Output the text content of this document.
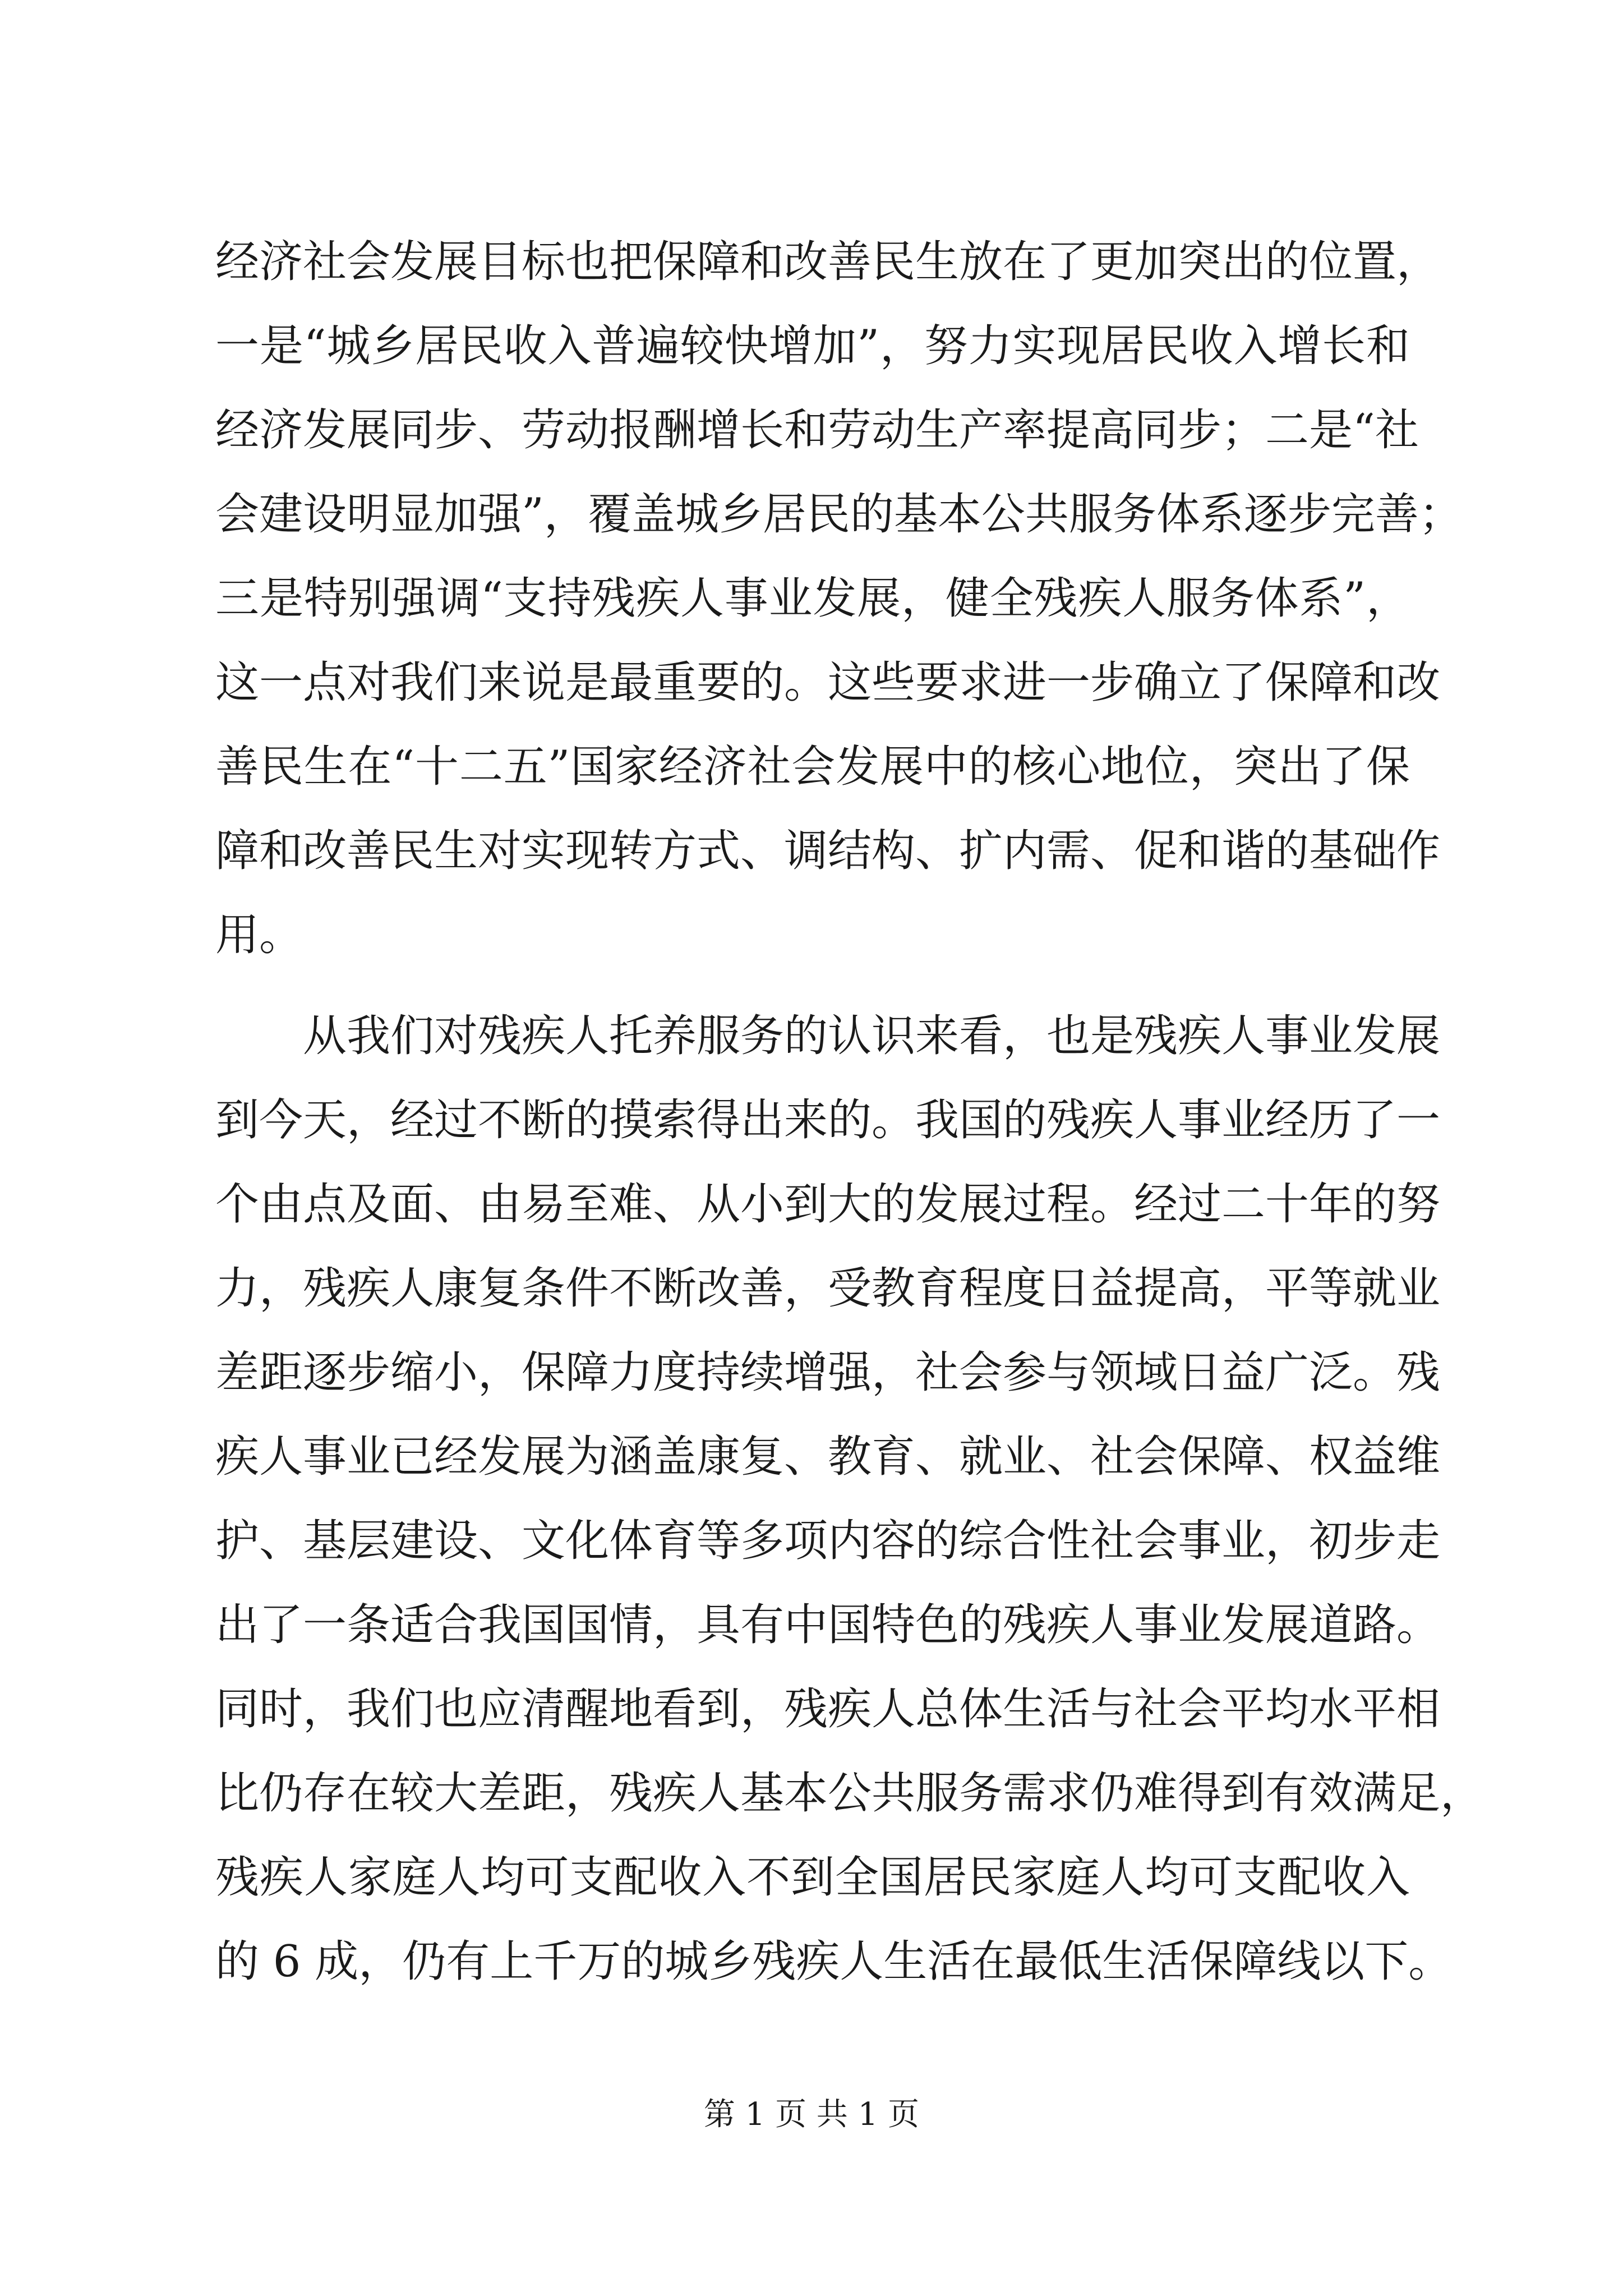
经济社会发展目标也把保障和改善民生放在了更加突出的位置，
一是“城乡居民收入普遍较快增加”，努力实现居民收入增长和
经济发展同步、劳动报酬增长和劳动生产率提高同步；二是“社
会建设明显加强”，覆盖城乡居民的基本公共服务体系逐步完善；
三是特别强调“支持残疾人事业发展，健全残疾人服务体系”，
这一点对我们来说是最重要的。这些要求进一步确立了保障和改
善民生在“十二五”国家经济社会发展中的核心地位，突出了保
障和改善民生对实现转方式、调结构、扩内需、促和谐的基础作
用。
从我们对残疾人托养服务的认识来看，也是残疾人事业发展
到今天，经过不断的摸索得出来的。我国的残疾人事业经历了一
个由点及面、由易至难、从小到大的发展过程。经过二十年的努
力，残疾人康复条件不断改善，受教育程度日益提高，平等就业
差距逐步缩小，保障力度持续增强，社会参与领域日益广泛。残
疾人事业已经发展为涵盖康复、教育、就业、社会保障、权益维
护、基层建设、文化体育等多项内容的综合性社会事业，初步走
出了一条适合我国国情，具有中国特色的残疾人事业发展道路。
同时，我们也应清醒地看到，残疾人总体生活与社会平均水平相
比仍存在较大差距，残疾人基本公共服务需求仍难得到有效满足，
残疾人家庭人均可支配收入不到全国居民家庭人均可支配收入
的 6 成，仍有上千万的城乡残疾人生活在最低生活保障线以下。
第 1 页 共 1 页
